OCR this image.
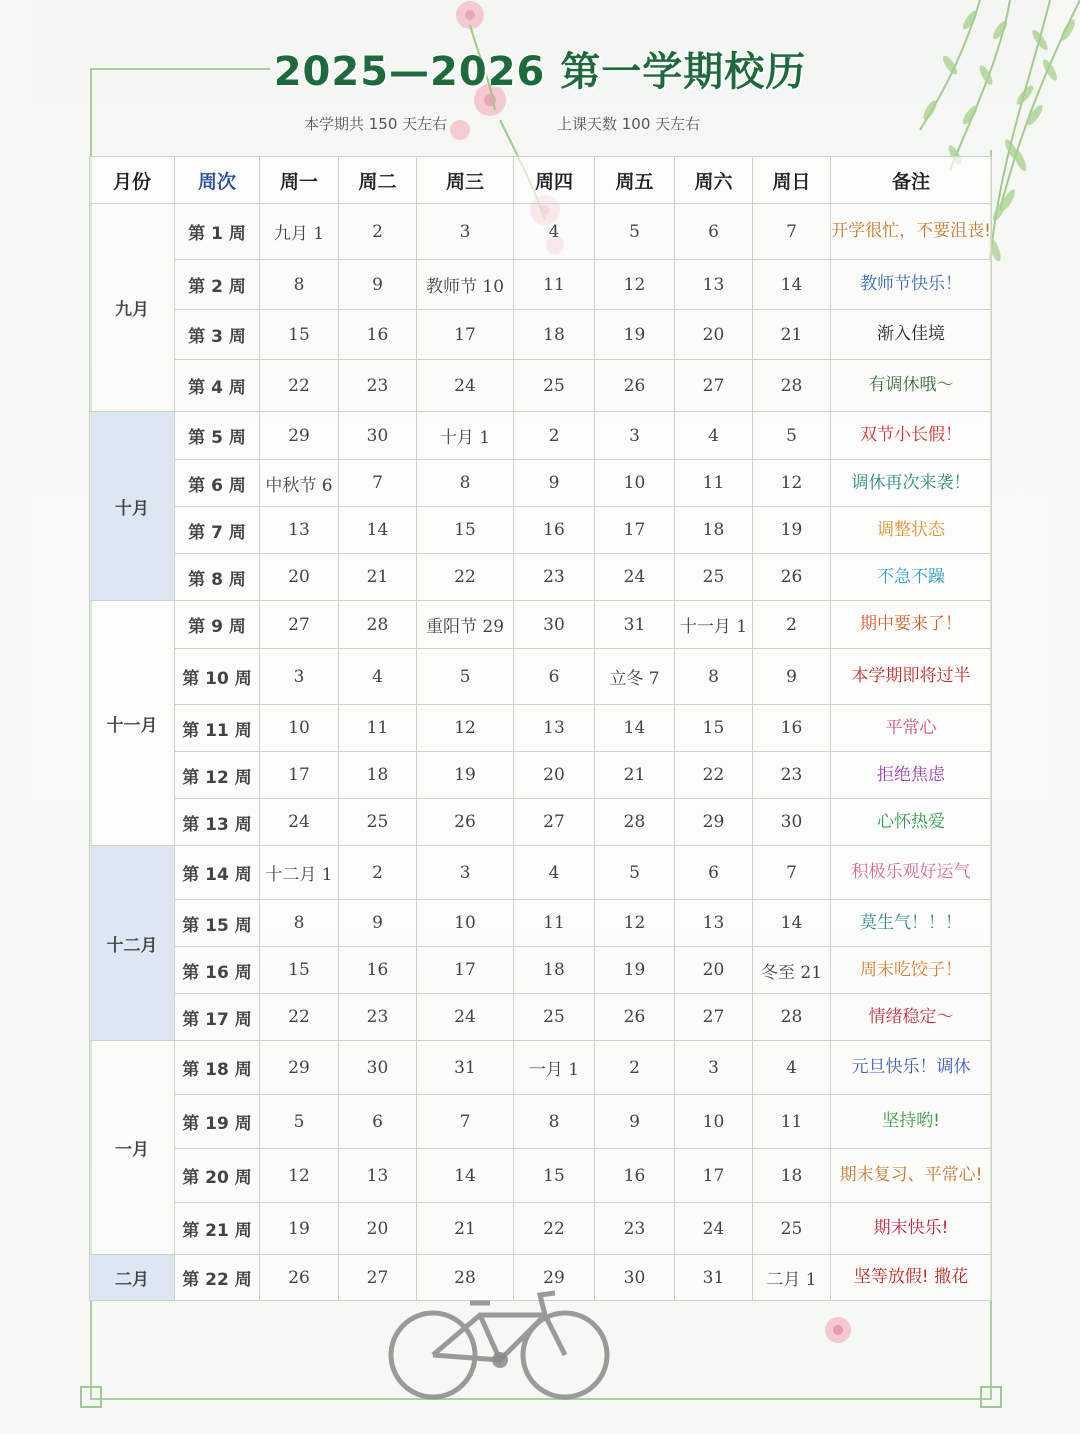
2025—2026 第一学期校历
本学期共 150 天左右	上课天数 100 天左右
月份	周次	周一	周二	周三	周四	周五	周六	周日	备注
九月	第 1 周	九月 1	2	3	4	5	6	7	开学很忙，不要沮丧!
	第 2 周	8	9	教师节 10	11	12	13	14	教师节快乐！
	第 3 周	15	16	17	18	19	20	21	渐入佳境
	第 4 周	22	23	24	25	26	27	28	有调休哦～
十月	第 5 周	29	30	十月 1	2	3	4	5	双节小长假！
	第 6 周	中秋节 6	7	8	9	10	11	12	调休再次来袭！
	第 7 周	13	14	15	16	17	18	19	调整状态
	第 8 周	20	21	22	23	24	25	26	不急不躁
十一月	第 9 周	27	28	重阳节 29	30	31	十一月 1	2	期中要来了！
	第 10 周	3	4	5	6	立冬 7	8	9	本学期即将过半
	第 11 周	10	11	12	13	14	15	16	平常心
	第 12 周	17	18	19	20	21	22	23	拒绝焦虑
	第 13 周	24	25	26	27	28	29	30	心怀热爱
十二月	第 14 周	十二月 1	2	3	4	5	6	7	积极乐观好运气
	第 15 周	8	9	10	11	12	13	14	莫生气！！！
	第 16 周	15	16	17	18	19	20	冬至 21	周末吃饺子！
	第 17 周	22	23	24	25	26	27	28	情绪稳定～
一月	第 18 周	29	30	31	一月 1	2	3	4	元旦快乐！调休
	第 19 周	5	6	7	8	9	10	11	坚持哟!
	第 20 周	12	13	14	15	16	17	18	期末复习、平常心!
	第 21 周	19	20	21	22	23	24	25	期末快乐!
二月	第 22 周	26	27	28	29	30	31	二月 1	坚等放假! 撒花
